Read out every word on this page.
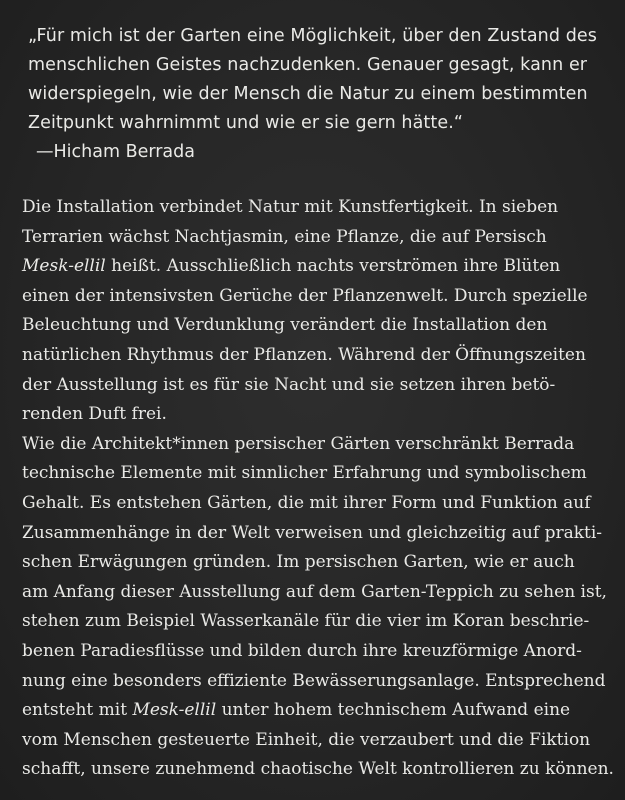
„Für mich ist der Garten eine Möglichkeit, über den Zustand des
menschlichen Geistes nachzudenken. Genauer gesagt, kann er
widerspiegeln, wie der Mensch die Natur zu einem bestimmten
Zeitpunkt wahrnimmt und wie er sie gern hätte.“
—Hicham Berrada
Die Installation verbindet Natur mit Kunstfertigkeit. In sieben
Terrarien wächst Nachtjasmin, eine Pflanze, die auf Persisch
Mesk-ellil heißt. Ausschließlich nachts verströmen ihre Blüten
einen der intensivsten Gerüche der Pflanzenwelt. Durch spezielle
Beleuchtung und Verdunklung verändert die Installation den
natürlichen Rhythmus der Pflanzen. Während der Öffnungszeiten
der Ausstellung ist es für sie Nacht und sie setzen ihren betö-
renden Duft frei.
Wie die Architekt*innen persischer Gärten verschränkt Berrada
technische Elemente mit sinnlicher Erfahrung und symbolischem
Gehalt. Es entstehen Gärten, die mit ihrer Form und Funktion auf
Zusammenhänge in der Welt verweisen und gleichzeitig auf prakti-
schen Erwägungen gründen. Im persischen Garten, wie er auch
am Anfang dieser Ausstellung auf dem Garten-Teppich zu sehen ist,
stehen zum Beispiel Wasserkanäle für die vier im Koran beschrie-
benen Paradiesflüsse und bilden durch ihre kreuzförmige Anord-
nung eine besonders effiziente Bewässerungsanlage. Entsprechend
entsteht mit Mesk-ellil unter hohem technischem Aufwand eine
vom Menschen gesteuerte Einheit, die verzaubert und die Fiktion
schafft, unsere zunehmend chaotische Welt kontrollieren zu können.
